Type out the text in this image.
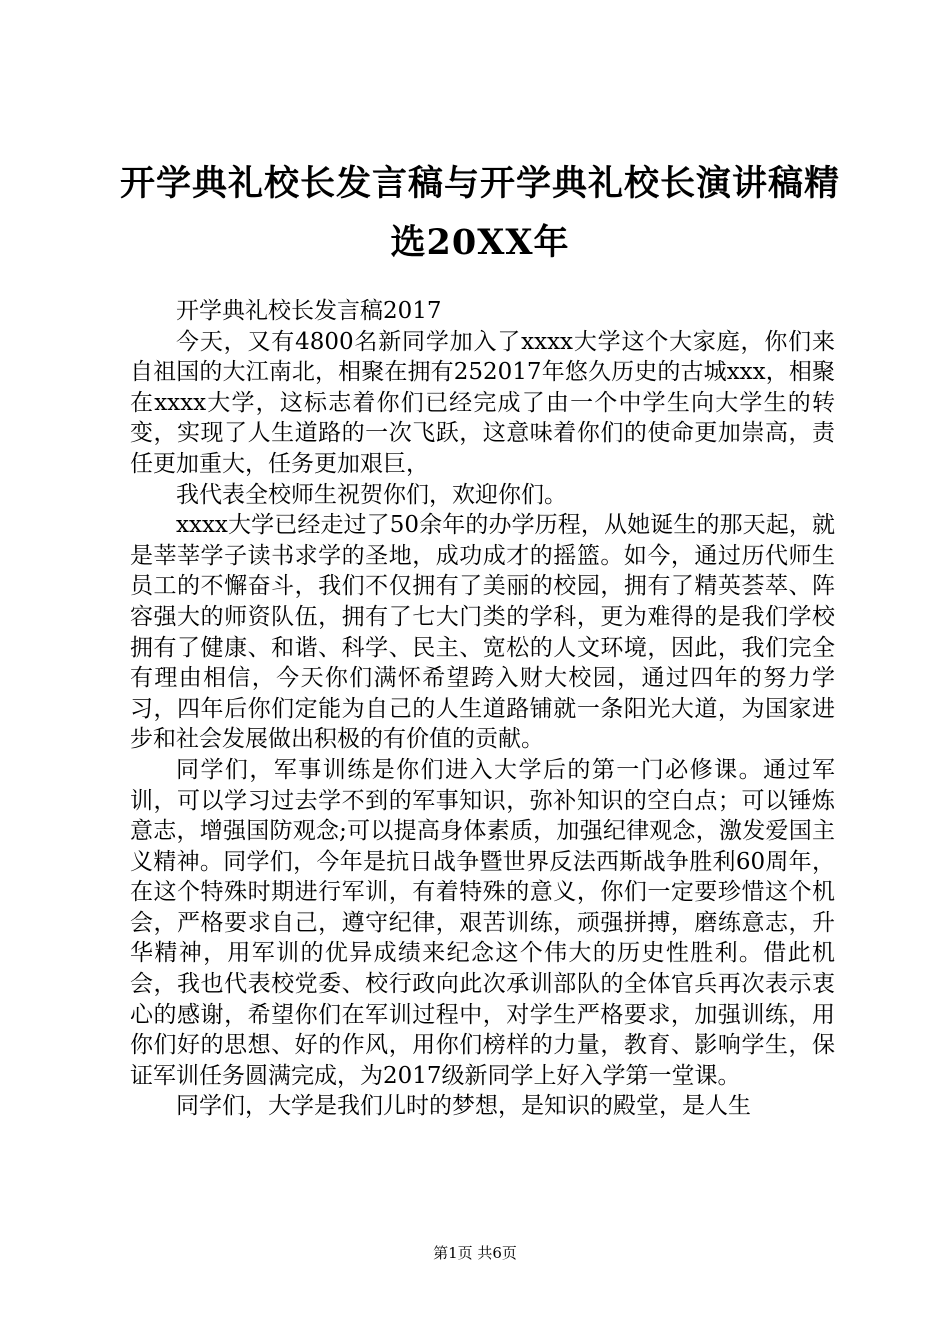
开学典礼校长发言稿与开学典礼校长演讲稿精
选20XX年

开学典礼校长发言稿2017

今天，又有4800名新同学加入了xxxx大学这个大家庭，你们来自祖国的大江南北，相聚在拥有252017年悠久历史的古城xxx，相聚在xxxx大学，这标志着你们已经完成了由一个中学生向大学生的转变，实现了人生道路的一次飞跃，这意味着你们的使命更加崇高，责任更加重大，任务更加艰巨，

我代表全校师生祝贺你们，欢迎你们。

xxxx大学已经走过了50余年的办学历程，从她诞生的那天起，就是莘莘学子读书求学的圣地，成功成才的摇篮。如今，通过历代师生员工的不懈奋斗，我们不仅拥有了美丽的校园，拥有了精英荟萃、阵容强大的师资队伍，拥有了七大门类的学科，更为难得的是我们学校拥有了健康、和谐、科学、民主、宽松的人文环境，因此，我们完全有理由相信，今天你们满怀希望跨入财大校园，通过四年的努力学习，四年后你们定能为自己的人生道路铺就一条阳光大道，为国家进步和社会发展做出积极的有价值的贡献。

同学们，军事训练是你们进入大学后的第一门必修课。通过军训，可以学习过去学不到的军事知识，弥补知识的空白点；可以锤炼意志，增强国防观念;可以提高身体素质，加强纪律观念，激发爱国主义精神。同学们，今年是抗日战争暨世界反法西斯战争胜利60周年，在这个特殊时期进行军训，有着特殊的意义，你们一定要珍惜这个机会，严格要求自己，遵守纪律，艰苦训练，顽强拼搏，磨练意志，升华精神，用军训的优异成绩来纪念这个伟大的历史性胜利。借此机会，我也代表校党委、校行政向此次承训部队的全体官兵再次表示衷心的感谢，希望你们在军训过程中，对学生严格要求，加强训练，用你们好的思想、好的作风，用你们榜样的力量，教育、影响学生，保证军训任务圆满完成，为2017级新同学上好入学第一堂课。

同学们，大学是我们儿时的梦想，是知识的殿堂，是人生

第1页 共6页
